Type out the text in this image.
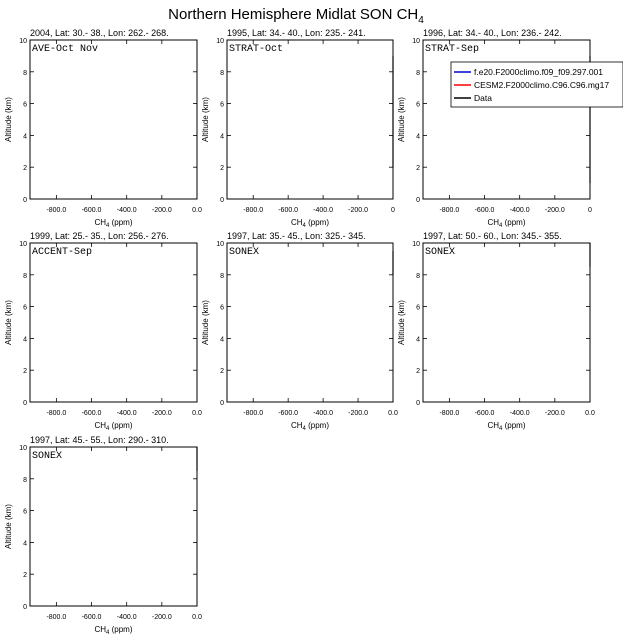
Northern Hemisphere Midlat SON $CH_4$
2004, Lat: 30.- 38., Lon: 262.- 268.
-800.0 -600.0 -400.0 -200.0	0.0
0
2
4
6
8
10
$CH_4$ (ppm)
Altitude (km)
AVE-Oct Nov
1995, Lat: 34.- 40., Lon: 235.- 241.
-800.0 -600.0 -400.0 -200.0	0
0
2
4
6
8
10
$CH_4$ (ppm)
Altitude (km)
STRAT-Oct
1996, Lat: 34.- 40., Lon: 236.- 242.
-800.0 -600.0 -400.0 -200.0	0
0
2
4
6
8
10
$CH_4$ (ppm)
Altitude (km)
STRAT-Sep
1999, Lat: 25.- 35., Lon: 256.- 276.
-800.0 -600.0 -400.0 -200.0	0.0
0
2
4
6
8
10
$CH_4$ (ppm)
Altitude (km)
ACCENT-Sep
1997, Lat: 35.- 45., Lon: 325.- 345.
-800.0 -600.0 -400.0 -200.0	0.0
0
2
4
6
8
10
$CH_4$ (ppm)
Altitude (km)
SONEX
1997, Lat: 50.- 60., Lon: 345.- 355.
-800.0 -600.0 -400.0 -200.0	0.0
0
2
4
6
8
10
$CH_4$ (ppm)
Altitude (km)
SONEX
1997, Lat: 45.- 55., Lon: 290.- 310.
-800.0 -600.0 -400.0 -200.0	0.0
0
2
4
6
8
10
$CH_4$ (ppm)
Altitude (km)
SONEX
f.e20.F2000climo.f09_f09.297.001
CESM2.F2000climo.C96.C96.mg17
Data
